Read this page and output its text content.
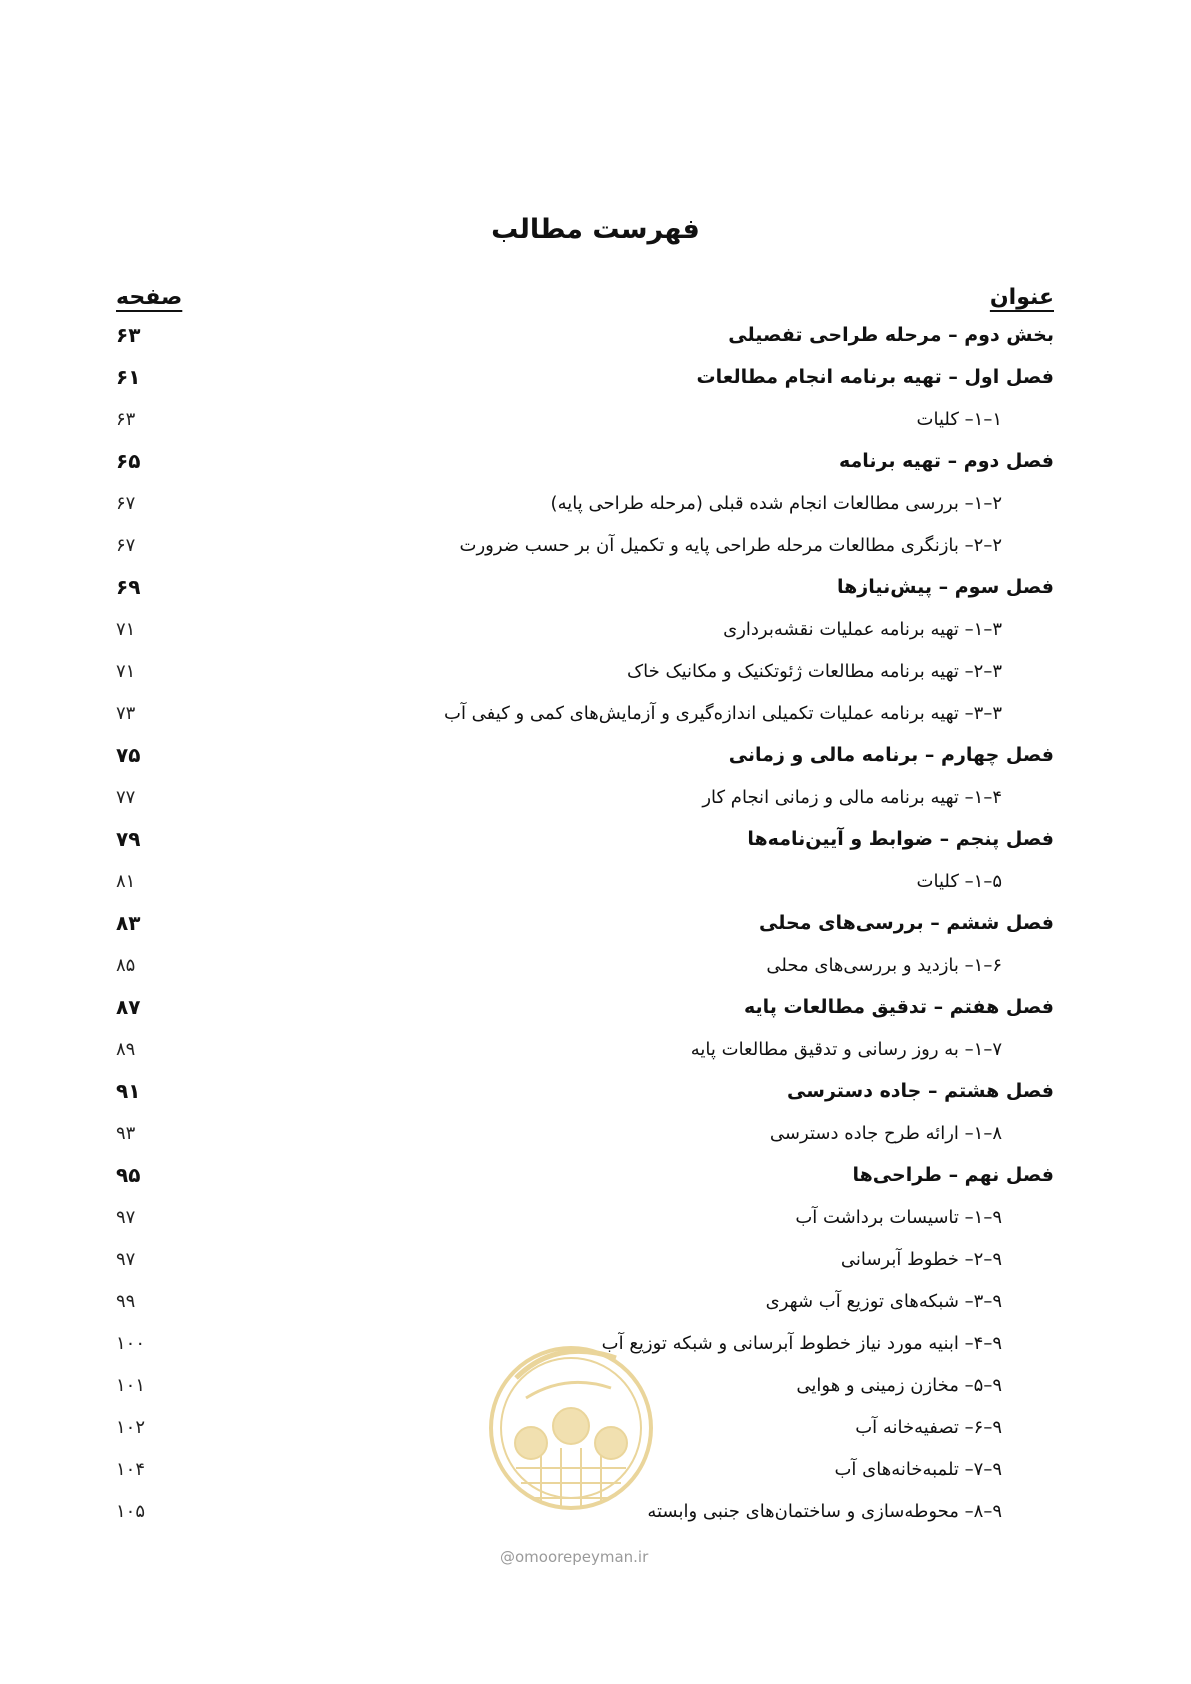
فهرست مطالب
عنوان
صفحه
بخش دوم – مرحله طراحی تفصیلی
۶۳
فصل اول – تهیه برنامه انجام مطالعات
۶۱
۱–۱– کلیات
۶۳
فصل دوم – تهیه برنامه
۶۵
۲–۱– بررسی مطالعات انجام شده قبلی (مرحله طراحی پایه)
۶۷
۲–۲– بازنگری مطالعات مرحله طراحی پایه و تکمیل آن بر حسب ضرورت
۶۷
فصل سوم – پیش‌نیازها
۶۹
۳–۱– تهیه برنامه عملیات نقشه‌برداری
۷۱
۳–۲– تهیه برنامه مطالعات ژئوتکنیک و مکانیک خاک
۷۱
۳–۳– تهیه برنامه عملیات تکمیلی اندازه‌گیری و آزمایش‌های کمی و کیفی آب
۷۳
فصل چهارم – برنامه مالی و زمانی
۷۵
۴–۱– تهیه برنامه مالی و زمانی انجام کار
۷۷
فصل پنجم – ضوابط و آیین‌نامه‌ها
۷۹
۵–۱– کلیات
۸۱
فصل ششم – بررسی‌های محلی
۸۳
۶–۱– بازدید و بررسی‌های محلی
۸۵
فصل هفتم – تدقیق مطالعات پایه
۸۷
۷–۱– به روز رسانی و تدقیق مطالعات پایه
۸۹
فصل هشتم – جاده دسترسی
۹۱
۸–۱– ارائه طرح جاده دسترسی
۹۳
فصل نهم – طراحی‌ها
۹۵
۹–۱– تاسیسات برداشت آب
۹۷
۹–۲– خطوط آبرسانی
۹۷
۹–۳– شبکه‌های توزیع آب شهری
۹۹
۹–۴– ابنیه مورد نیاز خطوط آبرسانی و شبکه توزیع آب
۱۰۰
۹–۵– مخازن زمینی و هوایی
۱۰۱
۹–۶– تصفیه‌خانه آب
۱۰۲
۹–۷– تلمبه‌خانه‌های آب
۱۰۴
۹–۸– محوطه‌سازی و ساختمان‌های جنبی وابسته
۱۰۵
@omoorepeyman.ir
